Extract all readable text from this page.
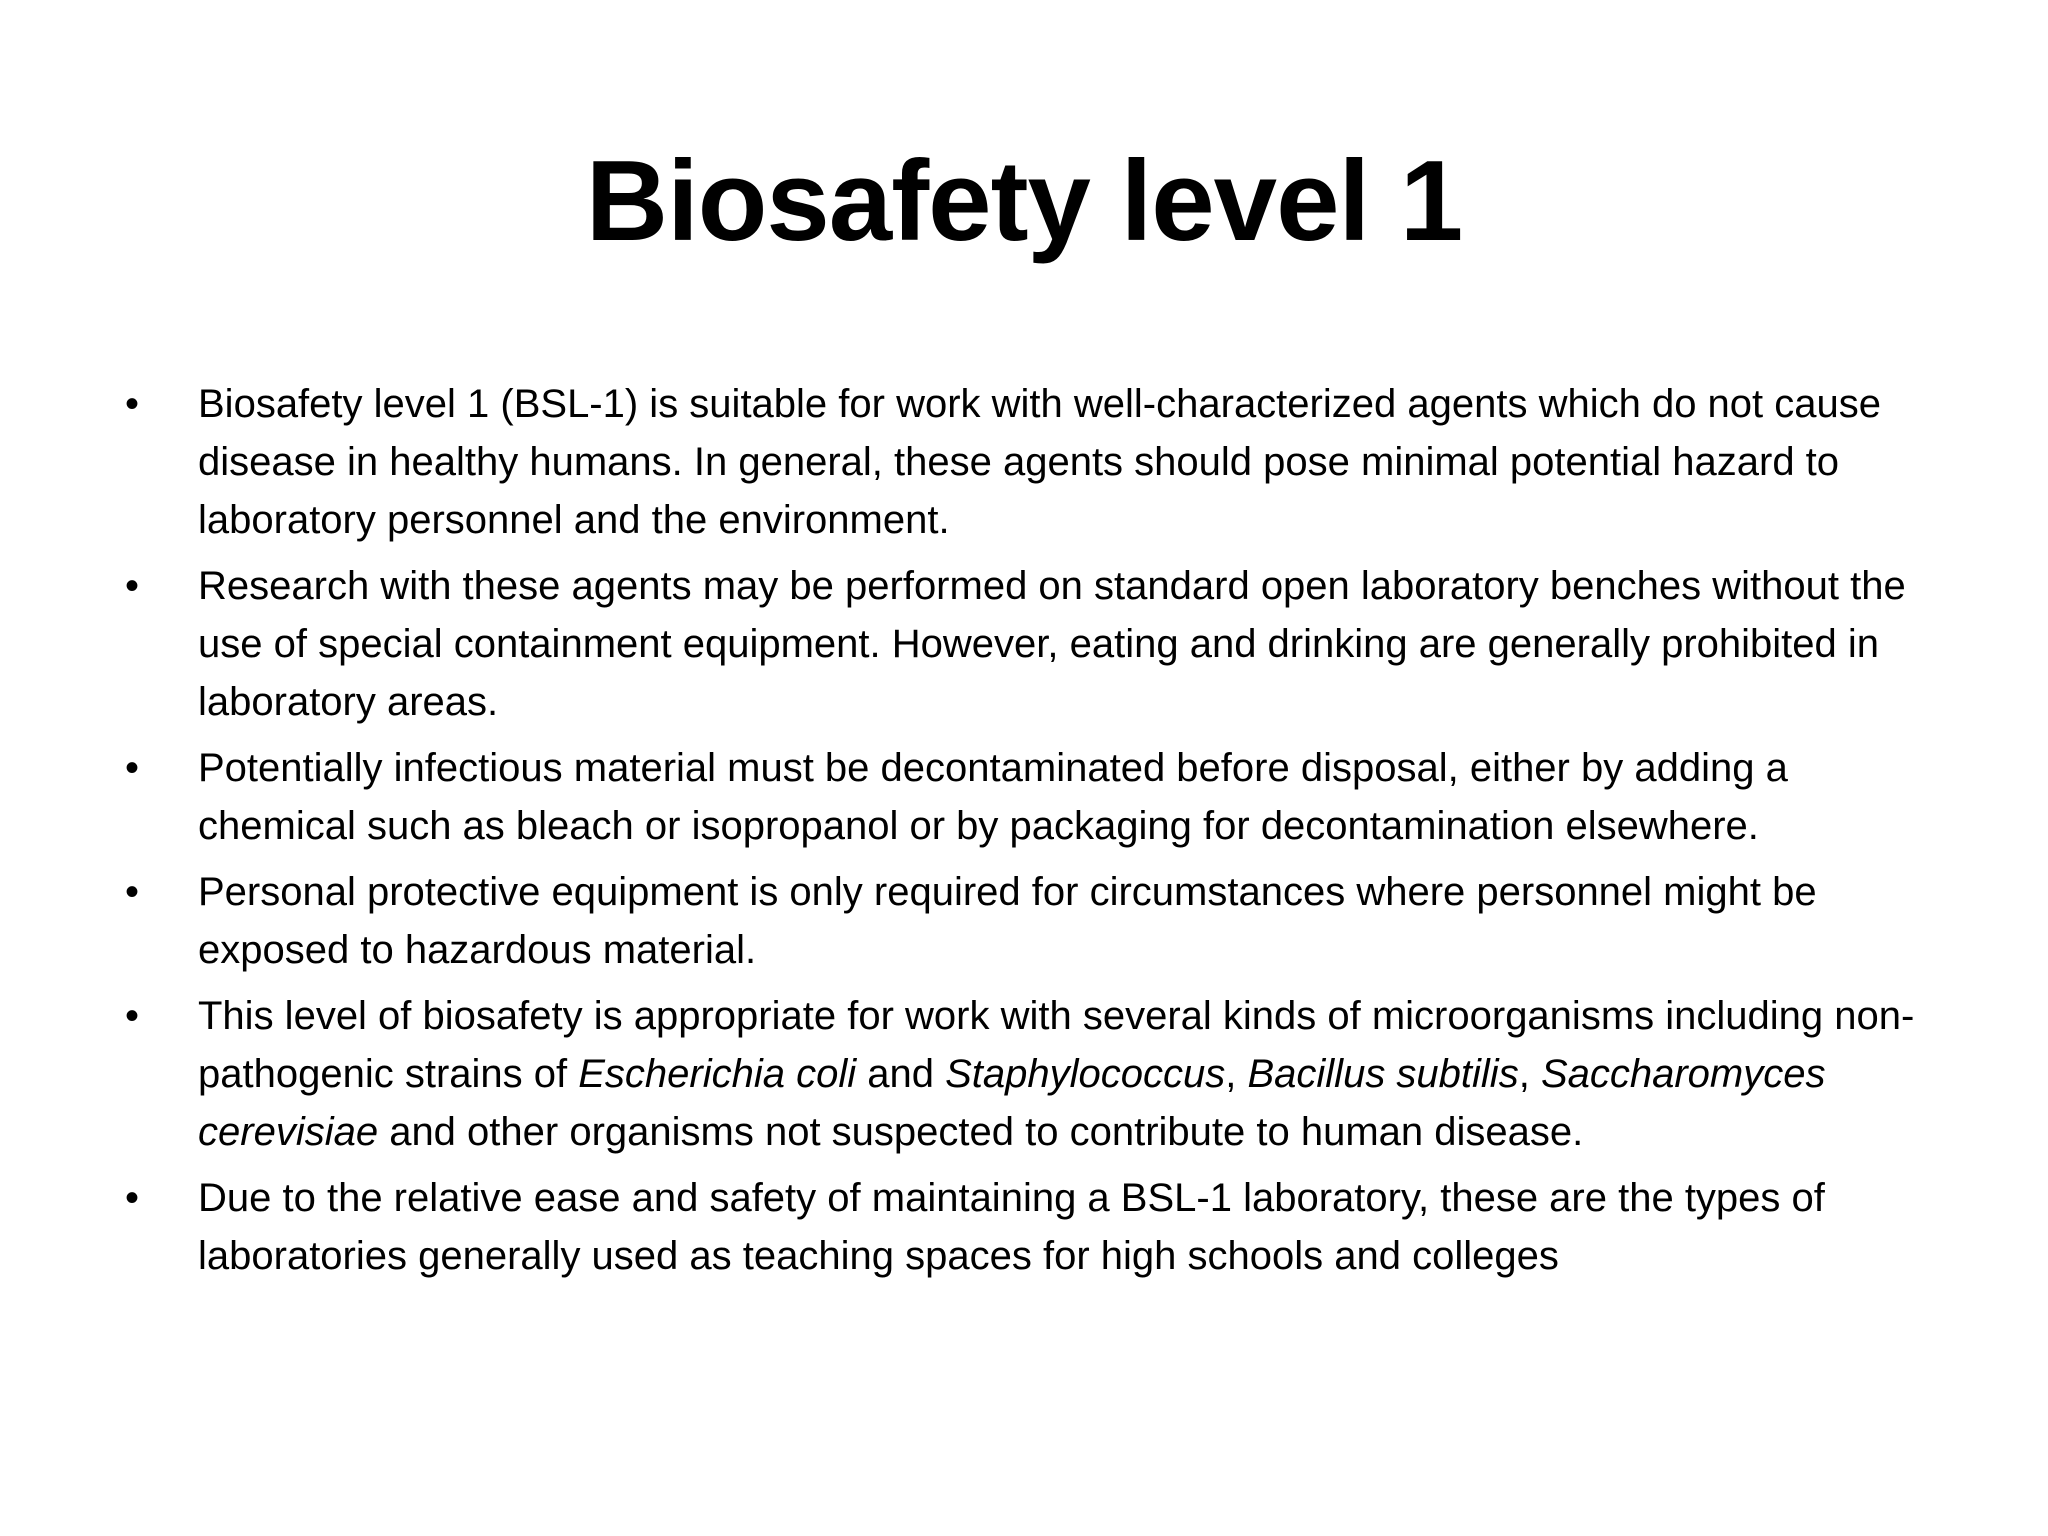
Biosafety level 1
•	Biosafety level 1 (BSL-1) is suitable for work with well-characterized agents which do not cause disease in healthy humans. In general, these agents should pose minimal potential hazard to laboratory personnel and the environment.
•	Research with these agents may be performed on standard open laboratory benches without the use of special containment equipment. However, eating and drinking are generally prohibited in laboratory areas.
•	Potentially infectious material must be decontaminated before disposal, either by adding a chemical such as bleach or isopropanol or by packaging for decontamination elsewhere.
•	Personal protective equipment is only required for circumstances where personnel might be exposed to hazardous material.
•	This level of biosafety is appropriate for work with several kinds of microorganisms including non-pathogenic strains of Escherichia coli and Staphylococcus, Bacillus subtilis, Saccharomyces cerevisiae and other organisms not suspected to contribute to human disease.
•	Due to the relative ease and safety of maintaining a BSL-1 laboratory, these are the types of laboratories generally used as teaching spaces for high schools and colleges
